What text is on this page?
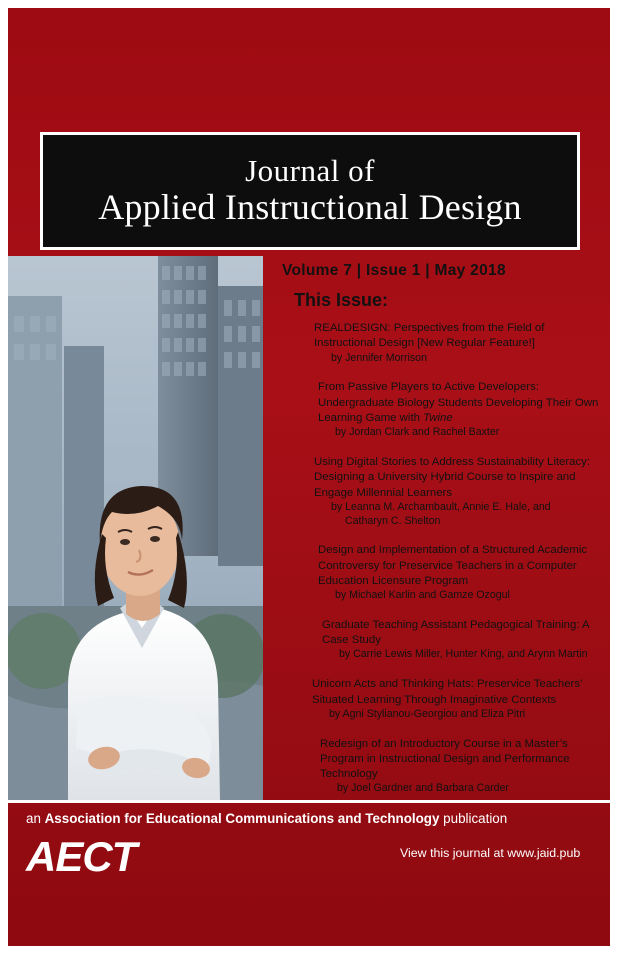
Journal of
Applied Instructional Design
Volume 7 | Issue 1 | May 2018
This Issue:
REALDESIGN: Perspectives from the Field of Instructional Design [New Regular Feature!]
by Jennifer Morrison
From Passive Players to Active Developers: Undergraduate Biology Students Developing Their Own Learning Game with Twine
by Jordan Clark and Rachel Baxter
Using Digital Stories to Address Sustainability Literacy: Designing a University Hybrid Course to Inspire and Engage Millennial Learners
by Leanna M. Archambault, Annie E. Hale, and
Catharyn C. Shelton
Design and Implementation of a Structured Academic Controversy for Preservice Teachers in a Computer Education Licensure Program
by Michael Karlin and Gamze Ozogul
Graduate Teaching Assistant Pedagogical Training: A Case Study
by Carrie Lewis Miller, Hunter King, and Arynn Martin
Unicorn Acts and Thinking Hats: Preservice Teachers’ Situated Learning Through Imaginative Contexts
by Agni Stylianou-Georgiou and Eliza Pitri
Redesign of an Introductory Course in a Master’s Program in Instructional Design and Performance Technology
by Joel Gardner and Barbara Carder
an Association for Educational Communications and Technology publication
AECT	View this journal at www.jaid.pub
